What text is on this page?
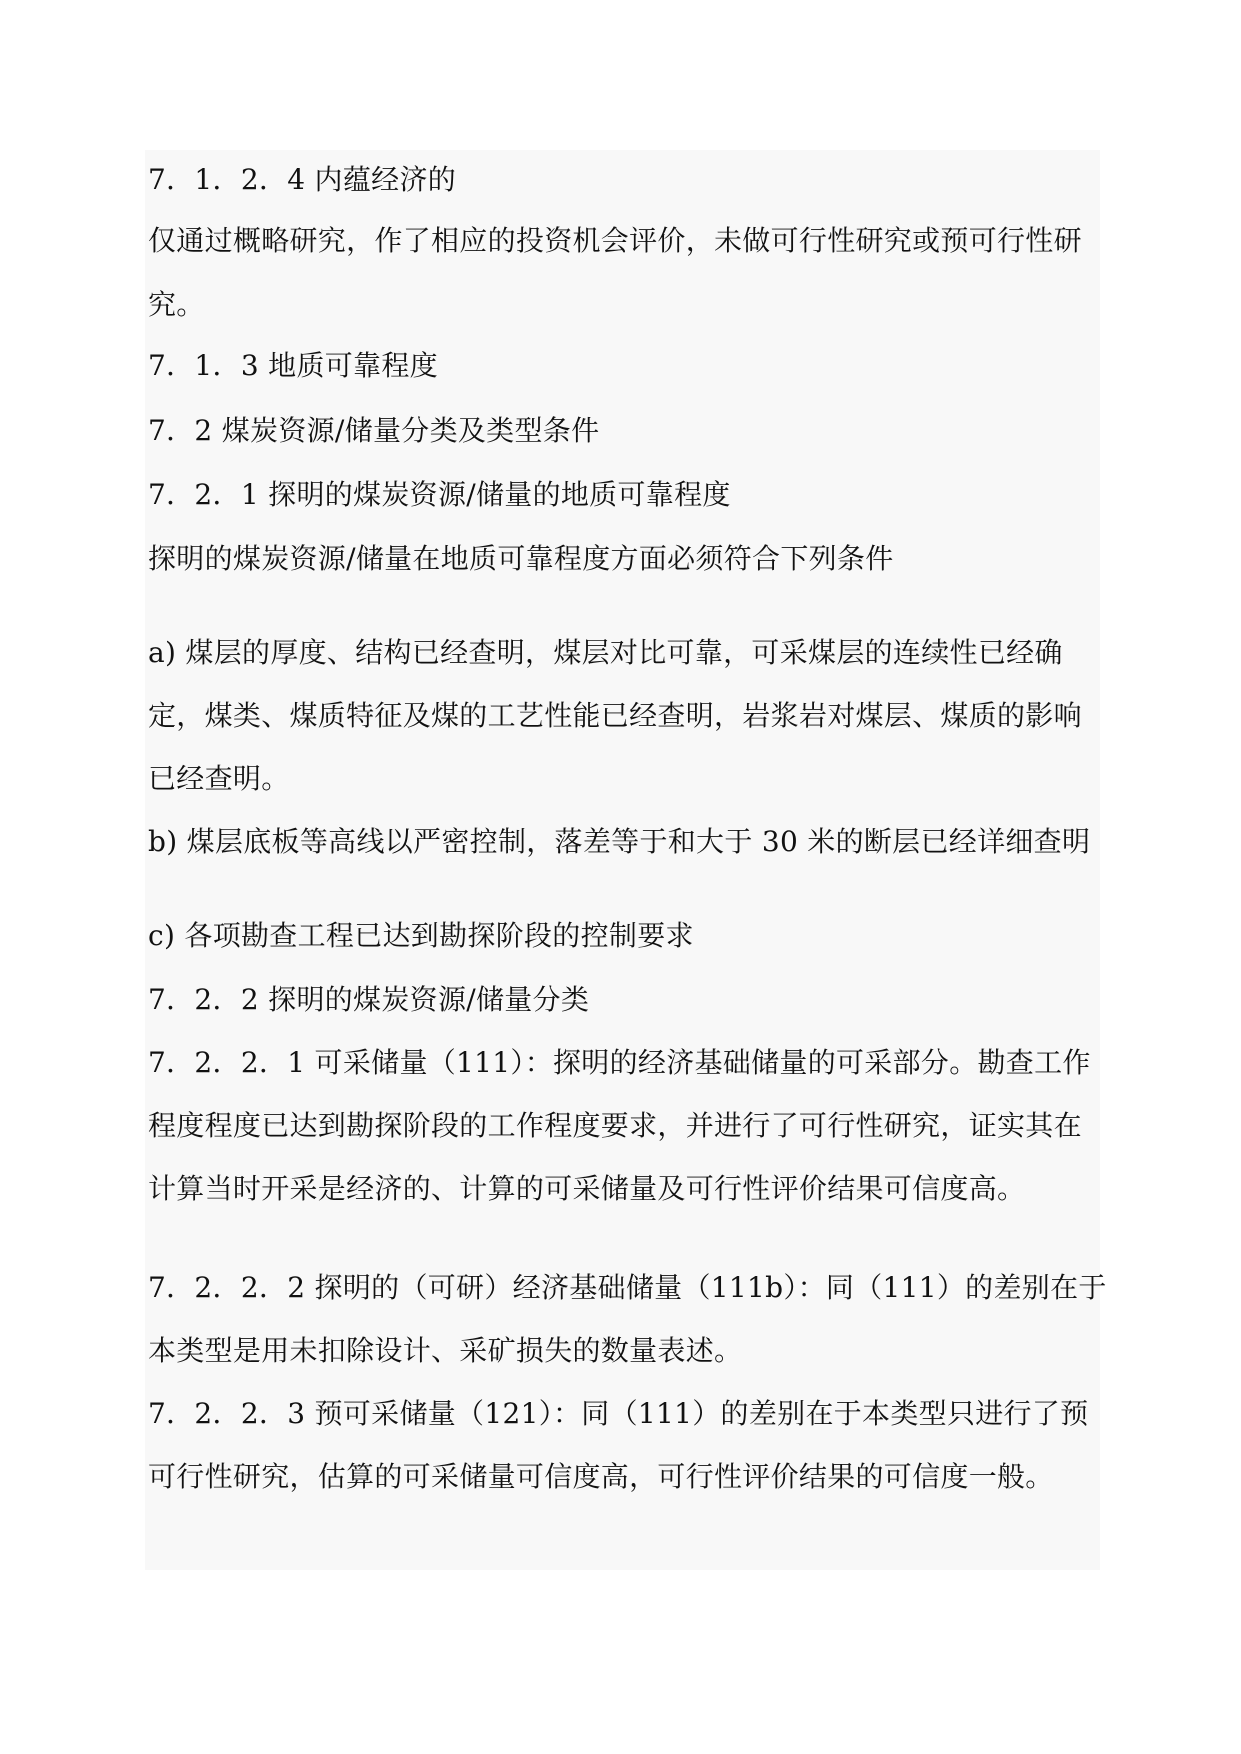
7．1．2．4 内蕴经济的
仅通过概略研究，作了相应的投资机会评价，未做可行性研究或预可行性研
究。
7．1．3 地质可靠程度
7．2 煤炭资源/储量分类及类型条件
7．2．1 探明的煤炭资源/储量的地质可靠程度
探明的煤炭资源/储量在地质可靠程度方面必须符合下列条件
a) 煤层的厚度、结构已经查明，煤层对比可靠，可采煤层的连续性已经确
定，煤类、煤质特征及煤的工艺性能已经查明，岩浆岩对煤层、煤质的影响
已经查明。
b) 煤层底板等高线以严密控制，落差等于和大于 30 米的断层已经详细查明
c) 各项勘查工程已达到勘探阶段的控制要求
7．2．2 探明的煤炭资源/储量分类
7．2．2．1 可采储量（111）：探明的经济基础储量的可采部分。勘查工作
程度程度已达到勘探阶段的工作程度要求，并进行了可行性研究，证实其在
计算当时开采是经济的、计算的可采储量及可行性评价结果可信度高。
7．2．2．2 探明的（可研）经济基础储量（111b）：同（111）的差别在于
本类型是用未扣除设计、采矿损失的数量表述。
7．2．2．3 预可采储量（121）：同（111）的差别在于本类型只进行了预
可行性研究，估算的可采储量可信度高，可行性评价结果的可信度一般。
